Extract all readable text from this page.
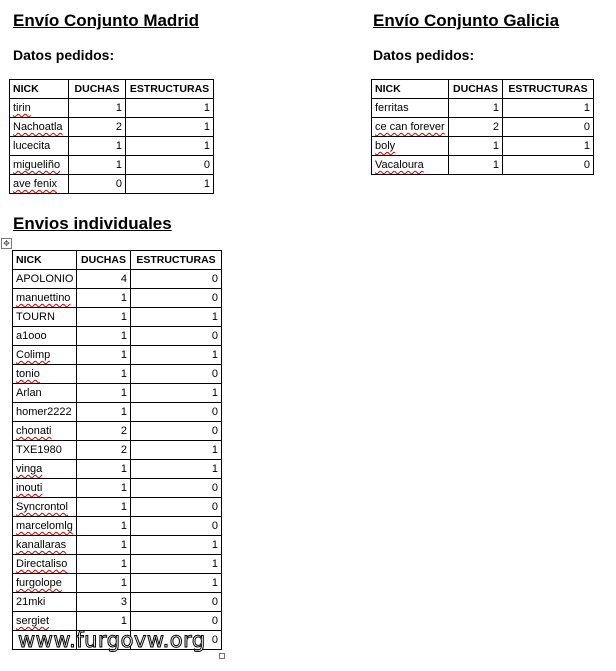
Envío Conjunto Madrid
Datos pedidos:
NICK	DUCHAS	ESTRUCTURAS
tirin	1	1
Nachoatla	2	1
lucecita	1	1
migueliño	1	0
ave fenix	0	1
Envío Conjunto Galicia
Datos pedidos:
NICK	DUCHAS	ESTRUCTURAS
ferritas	1	1
ce can forever	2	0
boly	1	1
Vacaloura	1	0
Envios individuales
✥
NICK	DUCHAS	ESTRUCTURAS
APOLONIO	4	0
manuettino	1	0
TOURN	1	1
a1ooo	1	0
Colimp	1	1
tonio	1	0
Arlan	1	1
homer2222	1	0
chonati	2	0
TXE1980	2	1
vinga	1	1
inouti	1	0
Syncrontol	1	0
marcelomlg	1	0
kanallaras	1	1
Directaliso	1	1
furgolope	1	1
21mki	3	0
sergiet	1	0
		0
www.furgovw.org
